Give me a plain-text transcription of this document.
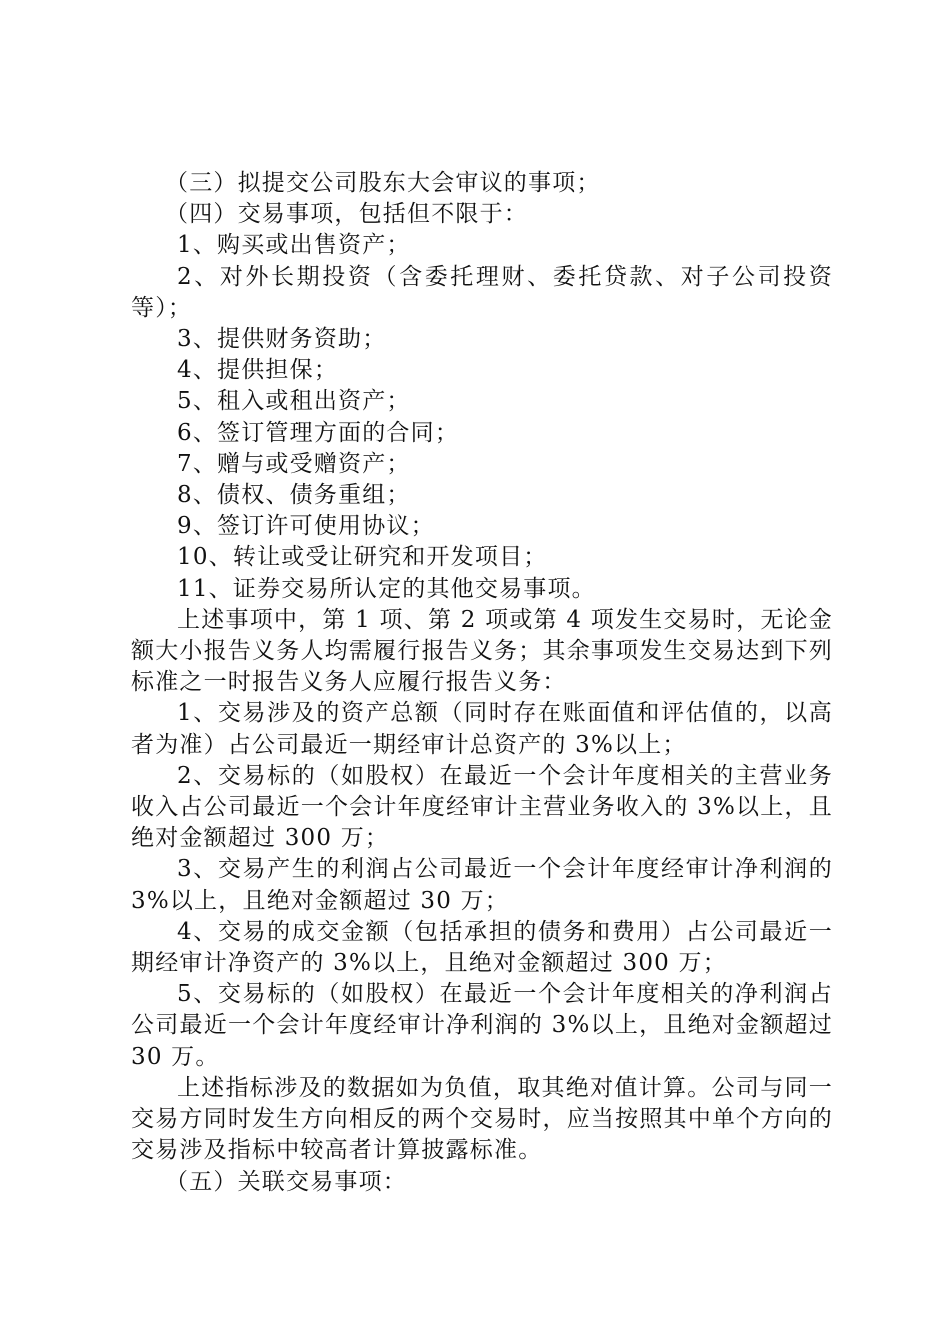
（三）拟提交公司股东大会审议的事项；

（四）交易事项，包括但不限于：

1、购买或出售资产；

2、对外长期投资（含委托理财、委托贷款、对子公司投资等）；

3、提供财务资助；

4、提供担保；

5、租入或租出资产；

6、签订管理方面的合同；

7、赠与或受赠资产；

8、债权、债务重组；

9、签订许可使用协议；

10、转让或受让研究和开发项目；

11、证券交易所认定的其他交易事项。

上述事项中，第 1 项、第 2 项或第 4 项发生交易时，无论金额大小报告义务人均需履行报告义务；其余事项发生交易达到下列标准之一时报告义务人应履行报告义务：

1、交易涉及的资产总额（同时存在账面值和评估值的，以高者为准）占公司最近一期经审计总资产的 3%以上；

2、交易标的（如股权）在最近一个会计年度相关的主营业务收入占公司最近一个会计年度经审计主营业务收入的 3%以上，且绝对金额超过 300 万；

3、交易产生的利润占公司最近一个会计年度经审计净利润的 3%以上，且绝对金额超过 30 万；

4、交易的成交金额（包括承担的债务和费用）占公司最近一期经审计净资产的 3%以上，且绝对金额超过 300 万；

5、交易标的（如股权）在最近一个会计年度相关的净利润占公司最近一个会计年度经审计净利润的 3%以上，且绝对金额超过 30 万。

上述指标涉及的数据如为负值，取其绝对值计算。公司与同一交易方同时发生方向相反的两个交易时，应当按照其中单个方向的交易涉及指标中较高者计算披露标准。

（五）关联交易事项：
